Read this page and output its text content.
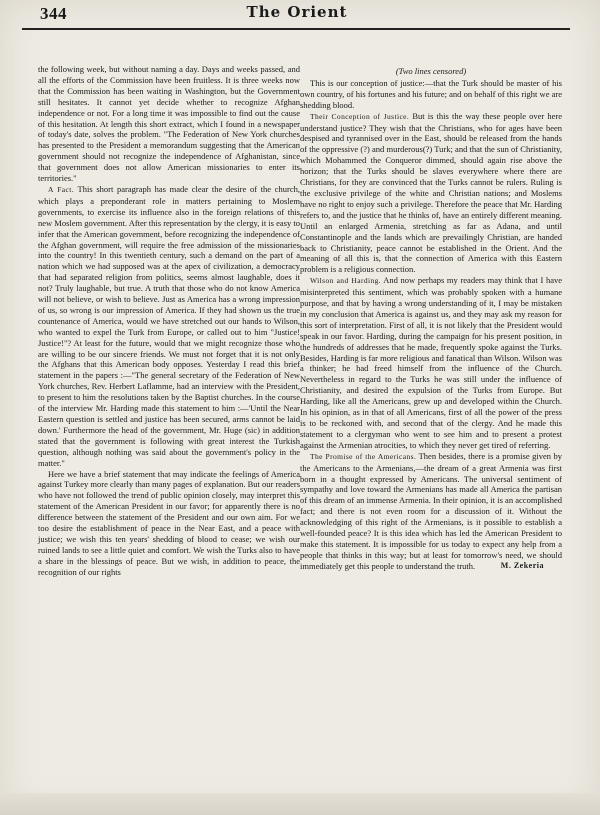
344	The Orient

the following week, but without naming a day. Days and weeks passed, and all the efforts of the Commission have been fruitless. It is three weeks now that the Commission has been waiting in Washington, but the Government still hesitates. It cannot yet decide whether to recognize Afghan independence or not. For a long time it was impossible to find out the cause of this hesitation. At length this short extract, which I found in a newspaper of today's date, solves the problem. "The Federation of New York churches has presented to the President a memorandum suggesting that the American government should not recognize the independence of Afghanistan, since that government does not allow American missionaries to enter its territories."

A Fact. This short paragraph has made clear the desire of the church, which plays a preponderant role in matters pertaining to Moslem governments, to exercise its influence also in the foreign relations of this new Moslem government. After this representation by the clergy, it is easy to infer that the American government, before recognizing the independence of the Afghan government, will require the free admission of the missionaries into the country! In this twentieth century, such a demand on the part of a nation which we had supposed was at the apex of civilization, a democracy that had separated religion from politics, seems almost laughable, does it not? Truly laughable, but true. A truth that those who do not know America will not believe, or wish to believe. Just as America has a wrong impression of us, so wrong is our impression of America. If they had shown us the true countenance of America, would we have stretched out our hands to Wilson, who wanted to expel the Turk from Europe, or called out to him "Justice! Justice!"? At least for the future, would that we might recognize those who are willing to be our sincere friends. We must not forget that it is not only the Afghans that this American body opposes. Yesterday I read this brief statement in the papers :—"The general secretary of the Federation of New York churches, Rev. Herbert Laflamme, had an interview with the President, to present to him the resolutions taken by the Baptist churches. In the course of the interview Mr. Harding made this statement to him :—'Until the Near Eastern question is settled and justice has been secured, arms cannot be laid down.' Furthermore the head of the government, Mr. Huge (sic) in addition stated that the government is following with great interest the Turkish question, although nothing was said about the government's policy in the matter."

Here we have a brief statement that may indicate the feelings of America against Turkey more clearly than many pages of explanation. But our readers who have not followed the trend of public opinion closely, may interpret this statement of the American President in our favor; for apparently there is no difference between the statement of the President and our own aim. For we too desire the establishment of peace in the Near East, and a peace with justice; we wish this ten years' shedding of blood to cease; we wish our ruined lands to see a little quiet and comfort. We wish the Turks also to have a share in the blessings of peace. But we wish, in addition to peace, the recognition of our rights

(Two lines censored)

This is our conception of justice:—that the Turk should be master of his own country, of his fortunes and his future; and on behalf of this right we are shedding blood.

Their Conception of Justice. But is this the way these people over here understand justice? They wish that the Christians, who for ages have been despised and tyrannised over in the East, should be released from the hands of the oppressive (?) and murderous(?) Turk; and that the sun of Christianity, which Mohammed the Conqueror dimmed, should again rise above the horizon; that the Turks should be slaves everywhere where there are Christians, for they are convinced that the Turks cannot be rulers. Ruling is the exclusive privilege of the white and Christian nations; and Moslems have no right to enjoy such a privilege. Therefore the peace that Mr. Harding refers to, and the justice that he thinks of, have an entirely different meaning. Until an enlarged Armenia, stretching as far as Adana, and until Constantinople and the lands which are prevailingly Christian, are handed back to Christianity, peace cannot be established in the Orient. And the meaning of all this is, that the connection of America with this Eastern problem is a religious connection.

Wilson and Harding. And now perhaps my readers may think that I have misinterpreted this sentiment, which was probably spoken with a humane purpose, and that by having a wrong understanding of it, I may be mistaken in my conclusion that America is against us, and they may ask my reason for this sort of interpretation. First of all, it is not likely that the President would speak in our favor. Harding, during the campaign for his present position, in the hundreds of addresses that he made, frequently spoke against the Turks. Besides, Harding is far more religious and fanatical than Wilson. Wilson was a thinker; he had freed himself from the influence of the Church. Nevertheless in regard to the Turks he was still under the influence of Christianity, and desired the expulsion of the Turks from Europe. But Harding, like all the Americans, grew up and developed within the Church. In his opinion, as in that of all Americans, first of all the power of the press is to be reckoned with, and second that of the clergy. And he made this statement to a clergyman who went to see him and to present a protest against the Armenian atrocities, to which they never get tired of referring.

The Promise of the Americans. Then besides, there is a promise given by the Americans to the Armenians,—the dream of a great Armenia was first born in a thought expressed by Americans. The universal sentiment of sympathy and love toward the Armenians has made all America the partisan of this dream of an immense Armenia. In their opinion, it is an accomplished fact; and there is not even room for a discussion of it. Without the acknowledging of this right of the Armenians, is it possible to establish a well-founded peace? It is this idea which has led the American President to make this statement. It is impossible for us today to expect any help from a people that thinks in this way; but at least for tomorrow's need, we should immediately get this people to understand the truth.	M. Zekeria
